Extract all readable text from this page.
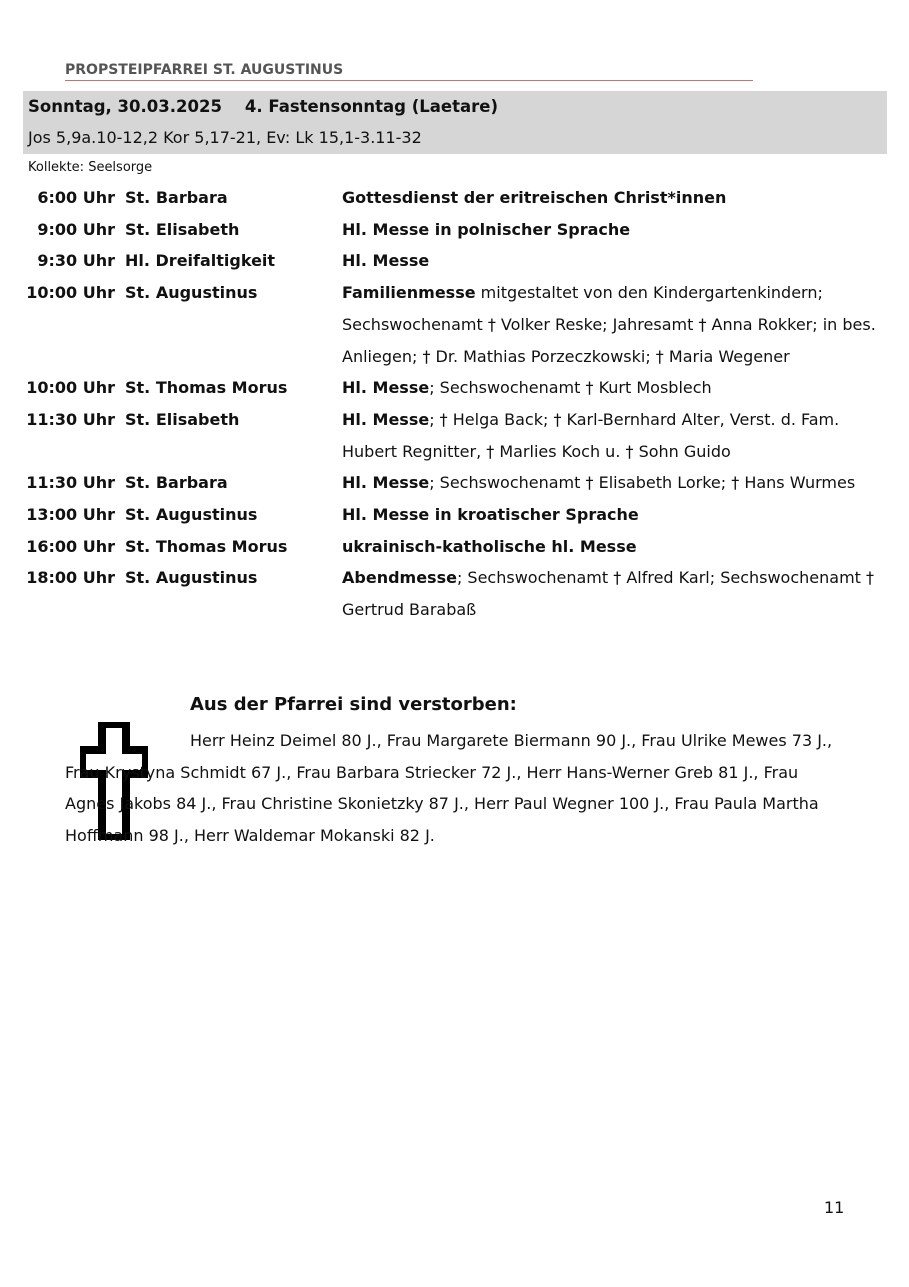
PROPSTEIPFARREI ST. AUGUSTINUS
Sonntag, 30.03.2025    4. Fastensonntag (Laetare)
Jos 5,9a.10-12,2 Kor 5,17-21, Ev: Lk 15,1-3.11-32
Kollekte: Seelsorge
6:00 Uhr St. Barbara	Gottesdienst der eritreischen Christ*innen
9:00 Uhr St. Elisabeth	Hl. Messe in polnischer Sprache
9:30 Uhr Hl. Dreifaltigkeit	Hl. Messe
10:00 Uhr St. Augustinus	Familienmesse mitgestaltet von den Kindergartenkindern; Sechswochenamt † Volker Reske; Jahresamt † Anna Rokker; in bes. Anliegen; † Dr. Mathias Porzeczkowski; † Maria Wegener
10:00 Uhr St. Thomas Morus	Hl. Messe; Sechswochenamt † Kurt Mosblech
11:30 Uhr St. Elisabeth	Hl. Messe; † Helga Back; † Karl-Bernhard Alter, Verst. d. Fam. Hubert Regnitter, † Marlies Koch u. † Sohn Guido
11:30 Uhr St. Barbara	Hl. Messe; Sechswochenamt † Elisabeth Lorke; † Hans Wurmes
13:00 Uhr St. Augustinus	Hl. Messe in kroatischer Sprache
16:00 Uhr St. Thomas Morus	ukrainisch-katholische hl. Messe
18:00 Uhr St. Augustinus	Abendmesse; Sechswochenamt † Alfred Karl; Sechswochenamt † Gertrud Barabaß
Aus der Pfarrei sind verstorben:
Herr Heinz Deimel 80 J., Frau Margarete Biermann 90 J., Frau Ulrike Mewes 73 J., Frau Krystyna Schmidt 67 J., Frau Barbara Striecker 72 J., Herr Hans-Werner Greb 81 J., Frau Agnes Jakobs 84 J., Frau Christine Skonietzky 87 J., Herr Paul Wegner 100 J., Frau Paula Martha Hoffmann 98 J., Herr Waldemar Mokanski 82 J.
11
